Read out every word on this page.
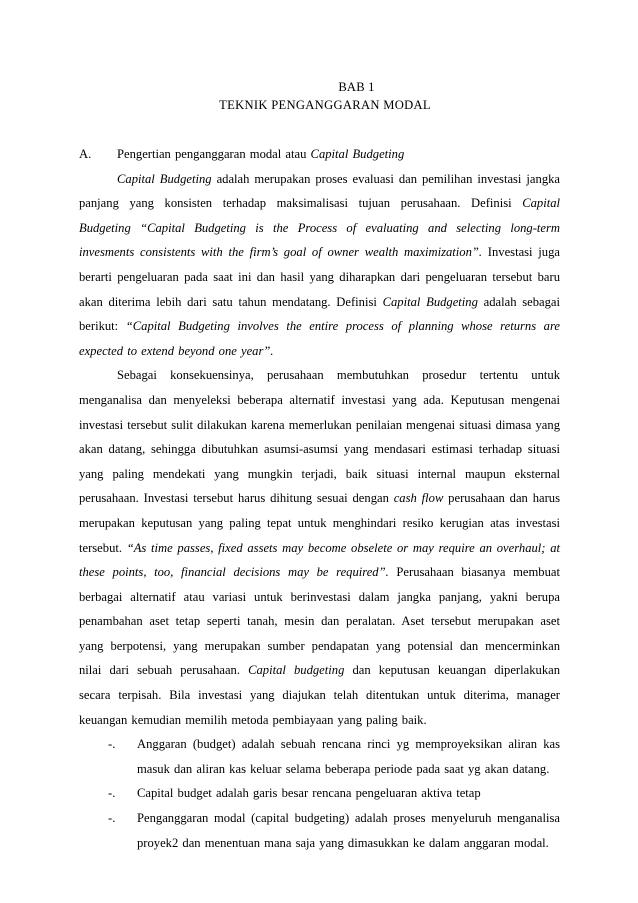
BAB 1
TEKNIK PENGANGGARAN MODAL
A. Pengertian penganggaran modal atau Capital Budgeting

Capital Budgeting adalah merupakan proses evaluasi dan pemilihan investasi jangka panjang yang konsisten terhadap maksimalisasi tujuan perusahaan. Definisi Capital Budgeting “Capital Budgeting is the Process of evaluating and selecting long-term invesments consistents with the firm’s goal of owner wealth maximization”. Investasi juga berarti pengeluaran pada saat ini dan hasil yang diharapkan dari pengeluaran tersebut baru akan diterima lebih dari satu tahun mendatang. Definisi Capital Budgeting adalah sebagai berikut: “Capital Budgeting involves the entire process of planning whose returns are expected to extend beyond one year”.

Sebagai konsekuensinya, perusahaan membutuhkan prosedur tertentu untuk menganalisa dan menyeleksi beberapa alternatif investasi yang ada. Keputusan mengenai investasi tersebut sulit dilakukan karena memerlukan penilaian mengenai situasi dimasa yang akan datang, sehingga dibutuhkan asumsi-asumsi yang mendasari estimasi terhadap situasi yang paling mendekati yang mungkin terjadi, baik situasi internal maupun eksternal perusahaan. Investasi tersebut harus dihitung sesuai dengan cash flow perusahaan dan harus merupakan keputusan yang paling tepat untuk menghindari resiko kerugian atas investasi tersebut. “As time passes, fixed assets may become obselete or may require an overhaul; at these points, too, financial decisions may be required”. Perusahaan biasanya membuat berbagai alternatif atau variasi untuk berinvestasi dalam jangka panjang, yakni berupa penambahan aset tetap seperti tanah, mesin dan peralatan. Aset tersebut merupakan aset yang berpotensi, yang merupakan sumber pendapatan yang potensial dan mencerminkan nilai dari sebuah perusahaan. Capital budgeting dan keputusan keuangan diperlakukan secara terpisah. Bila investasi yang diajukan telah ditentukan untuk diterima, manager keuangan kemudian memilih metoda pembiayaan yang paling baik.

-. Anggaran (budget) adalah sebuah rencana rinci yg memproyeksikan aliran kas masuk dan aliran kas keluar selama beberapa periode pada saat yg akan datang.
-. Capital budget adalah garis besar rencana pengeluaran aktiva tetap
-. Penganggaran modal (capital budgeting) adalah proses menyeluruh menganalisa proyek2 dan menentuan mana saja yang dimasukkan ke dalam anggaran modal.
